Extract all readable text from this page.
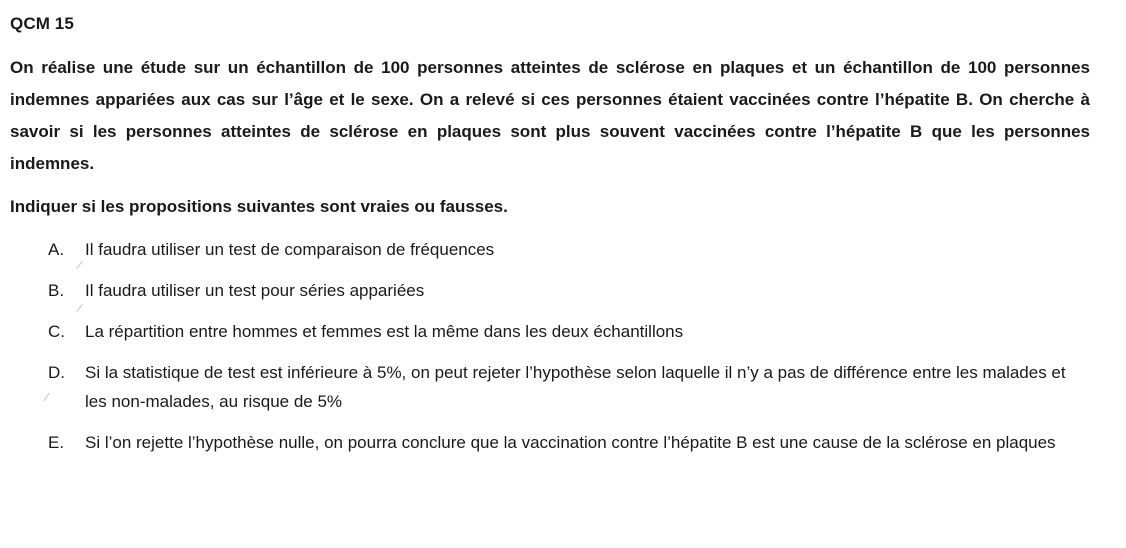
QCM 15

On réalise une étude sur un échantillon de 100 personnes atteintes de sclérose en plaques et un échantillon de 100 personnes indemnes appariées aux cas sur l’âge et le sexe. On a relevé si ces personnes étaient vaccinées contre l’hépatite B. On cherche à savoir si les personnes atteintes de sclérose en plaques sont plus souvent vaccinées contre l’hépatite B que les personnes indemnes.

Indiquer si les propositions suivantes sont vraies ou fausses.
A.	Il faudra utiliser un test de comparaison de fréquences
B.	Il faudra utiliser un test pour séries appariées
C.	La répartition entre hommes et femmes est la même dans les deux échantillons
D.	Si la statistique de test est inférieure à 5%, on peut rejeter l’hypothèse selon laquelle il n’y a pas de différence entre les malades et les non-malades, au risque de 5%
E.	Si l’on rejette l’hypothèse nulle, on pourra conclure que la vaccination contre l’hépatite B est une cause de la sclérose en plaques
